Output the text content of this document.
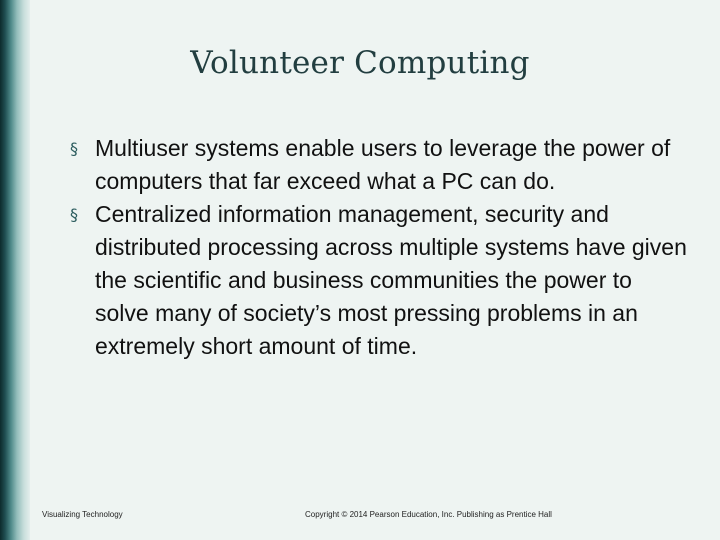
Volunteer Computing
§ Multiuser systems enable users to leverage the power of computers that far exceed what a PC can do.
§ Centralized information management, security and distributed processing across multiple systems have given the scientific and business communities the power to solve many of society’s most pressing problems in an extremely short amount of time.
Visualizing Technology	Copyright © 2014 Pearson Education, Inc. Publishing as Prentice Hall
